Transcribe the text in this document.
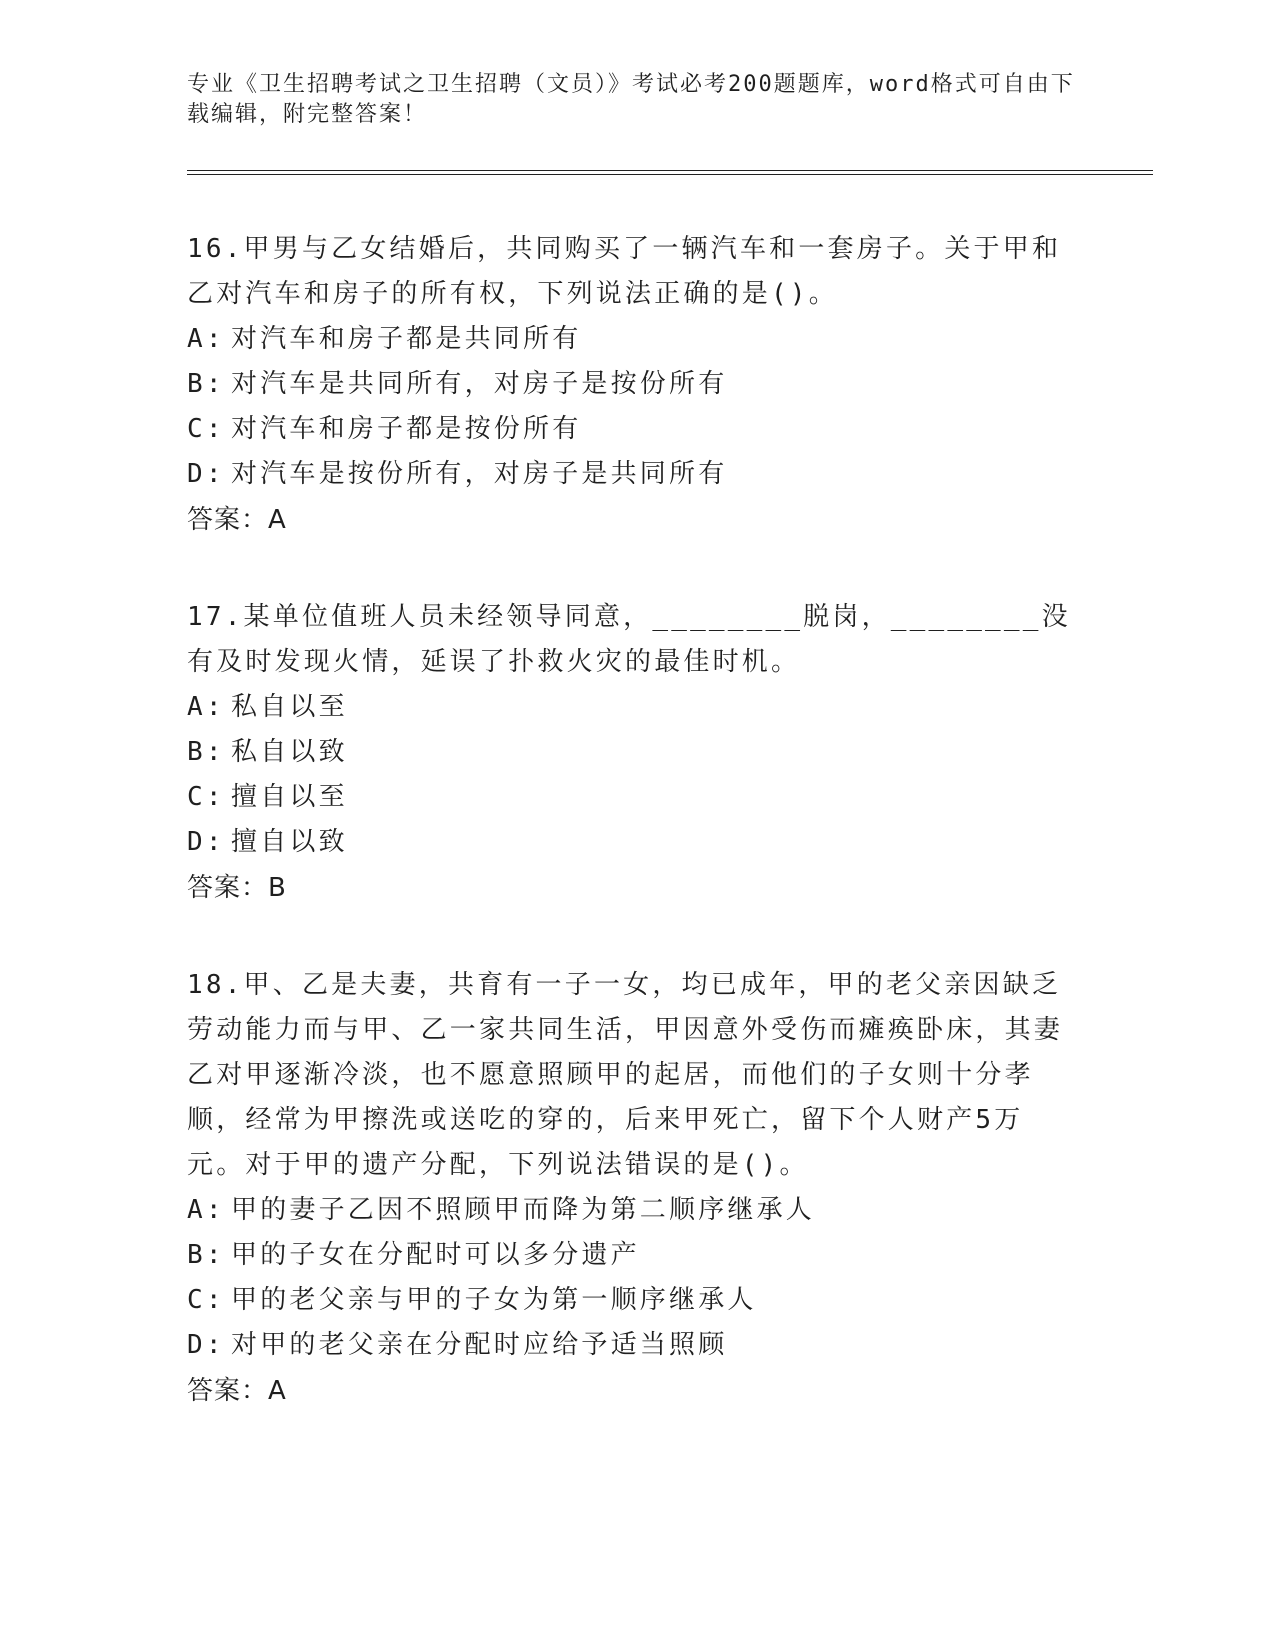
专业《卫生招聘考试之卫生招聘（文员）》考试必考200题题库，word格式可自由下载编辑，附完整答案！

16.甲男与乙女结婚后，共同购买了一辆汽车和一套房子。关于甲和乙对汽车和房子的所有权，下列说法正确的是()。

A: 对汽车和房子都是共同所有

B: 对汽车是共同所有，对房子是按份所有

C: 对汽车和房子都是按份所有

D: 对汽车是按份所有，对房子是共同所有

答案：A

17.某单位值班人员未经领导同意，________脱岗，________没有及时发现火情，延误了扑救火灾的最佳时机。

A: 私自以至

B: 私自以致

C: 擅自以至

D: 擅自以致

答案：B

18.甲、乙是夫妻，共育有一子一女，均已成年，甲的老父亲因缺乏劳动能力而与甲、乙一家共同生活，甲因意外受伤而瘫痪卧床，其妻乙对甲逐渐冷淡，也不愿意照顾甲的起居，而他们的子女则十分孝顺，经常为甲擦洗或送吃的穿的，后来甲死亡，留下个人财产5万元。对于甲的遗产分配，下列说法错误的是()。

A: 甲的妻子乙因不照顾甲而降为第二顺序继承人

B: 甲的子女在分配时可以多分遗产

C: 甲的老父亲与甲的子女为第一顺序继承人

D: 对甲的老父亲在分配时应给予适当照顾

答案：A
